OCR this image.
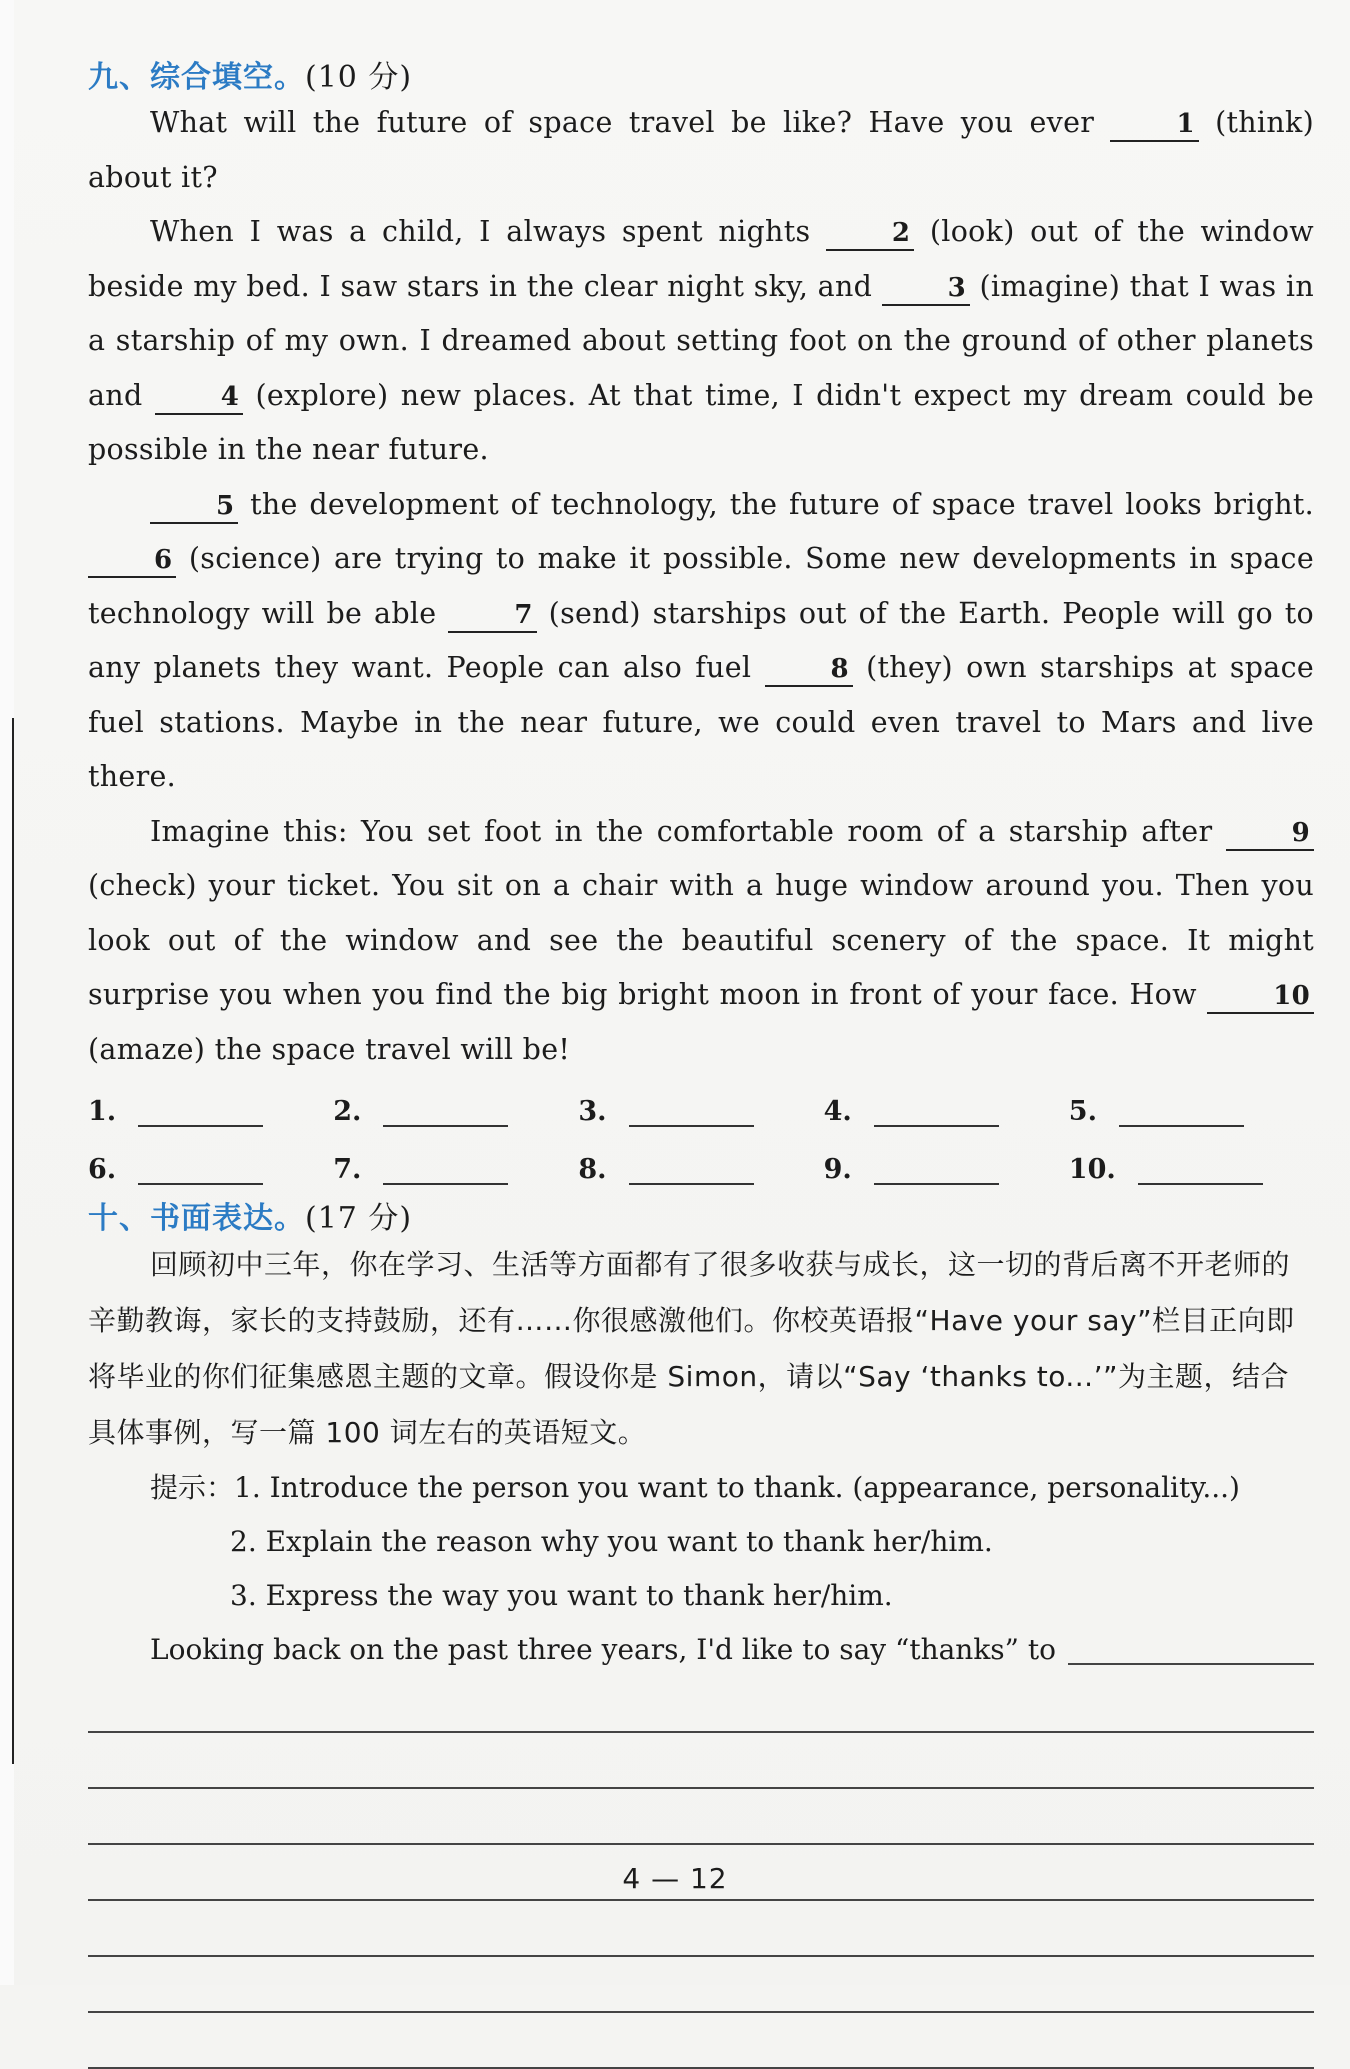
九、综合填空。(10 分)

What will the future of space travel be like? Have you ever	1 (think) about it?

When I was a child, I always spent nights	2 (look) out of the window beside my bed. I saw stars in the clear night sky, and	3 (imagine) that I was in a starship of my own. I dreamed about setting foot on the ground of other planets and	4 (explore) new places. At that time, I didn't expect my dream could be possible in the near future.

5 the development of technology, the future of space travel looks bright. 6 (science) are trying to make it possible. Some new developments in space technology will be able	7 (send) starships out of the Earth. People will go to any planets they want. People can also fuel	8 (they) own starships at space fuel stations. Maybe in the near future, we could even travel to Mars and live there.

Imagine this: You set foot in the comfortable room of a starship after	9 (check) your ticket. You sit on a chair with a huge window around you. Then you look out of the window and see the beautiful scenery of the space. It might surprise you when you find the big bright moon in front of your face. How	10 (amaze) the space travel will be!

1.	2.	3.	4.	5.
6.	7.	8.	9.	10.
十、书面表达。(17 分)

回顾初中三年，你在学习、生活等方面都有了很多收获与成长，这一切的背后离不开老师的辛勤教诲，家长的支持鼓励，还有……你很感激他们。你校英语报“Have your say”栏目正向即将毕业的你们征集感恩主题的文章。假设你是 Simon，请以“Say ‘thanks to...’”为主题，结合具体事例，写一篇 100 词左右的英语短文。

提示：1. Introduce the person you want to thank. (appearance, personality...)

2. Explain the reason why you want to thank her/him.

3. Express the way you want to thank her/him.

Looking back on the past three years, I'd like to say “thanks” to
4 — 12
